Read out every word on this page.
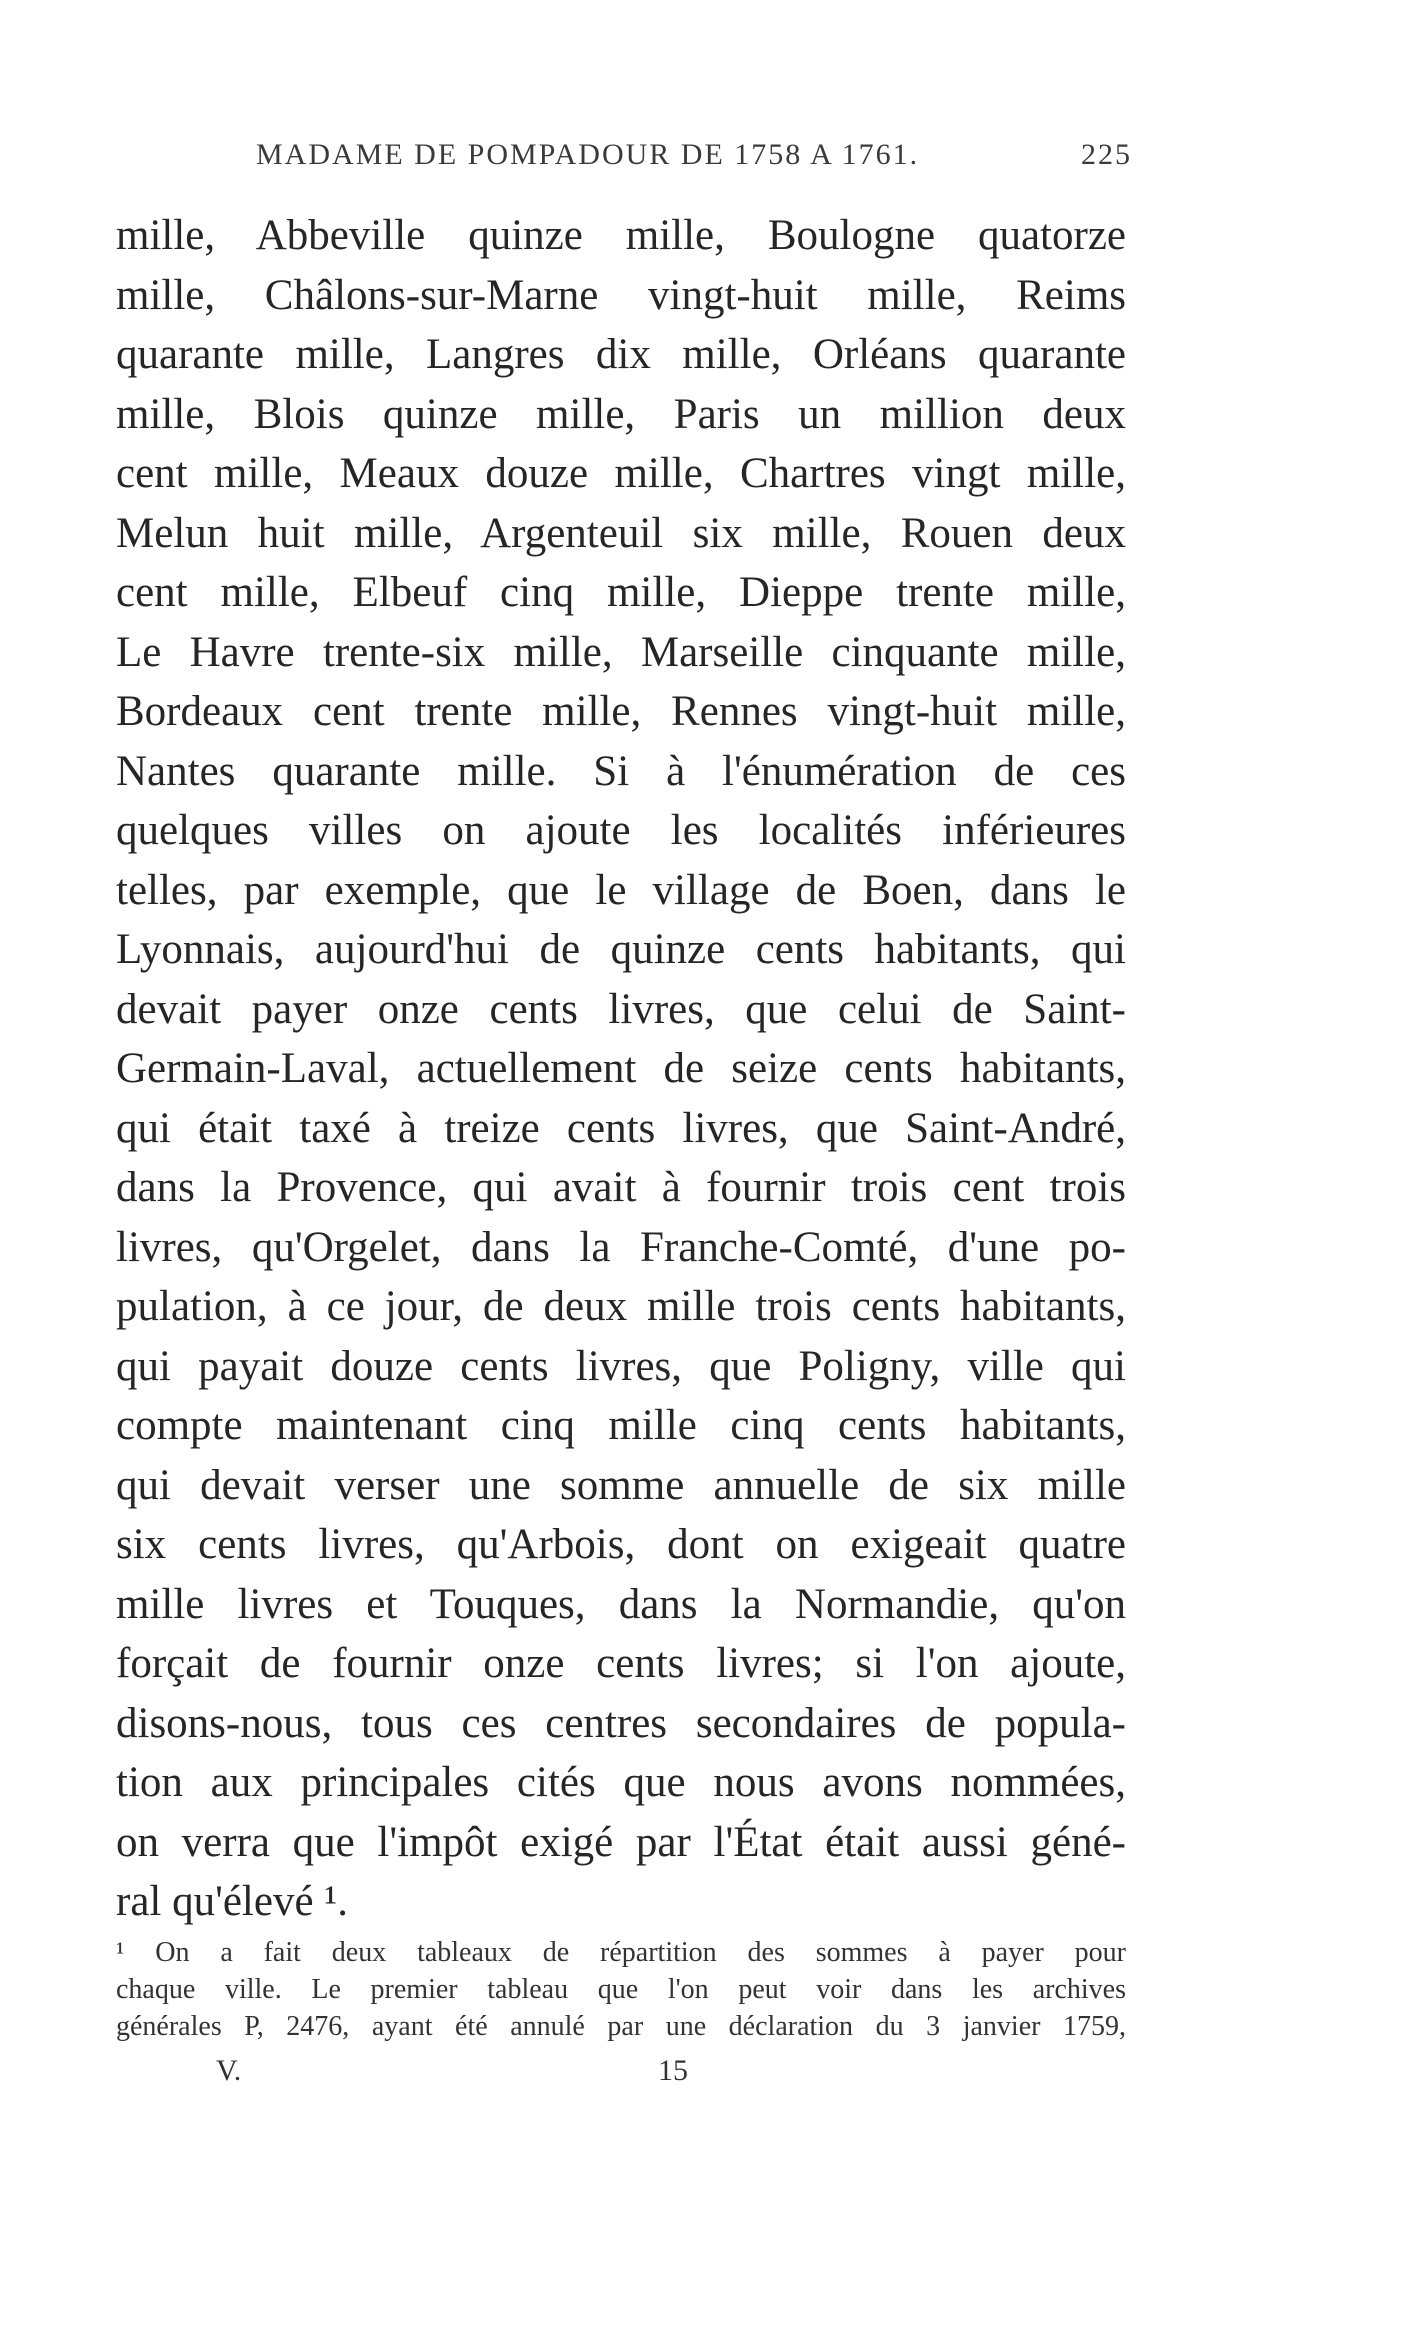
MADAME DE POMPADOUR DE 1758 A 1761.	225
mille, Abbeville quinze mille, Boulogne quatorze
mille, Châlons-sur-Marne vingt-huit mille, Reims
quarante mille, Langres dix mille, Orléans quarante
mille, Blois quinze mille, Paris un million deux
cent mille, Meaux douze mille, Chartres vingt mille,
Melun huit mille, Argenteuil six mille, Rouen deux
cent mille, Elbeuf cinq mille, Dieppe trente mille,
Le Havre trente-six mille, Marseille cinquante mille,
Bordeaux cent trente mille, Rennes vingt-huit mille,
Nantes quarante mille. Si à l'énumération de ces
quelques villes on ajoute les localités inférieures
telles, par exemple, que le village de Boen, dans le
Lyonnais, aujourd'hui de quinze cents habitants, qui
devait payer onze cents livres, que celui de Saint-
Germain-Laval, actuellement de seize cents habitants,
qui était taxé à treize cents livres, que Saint-André,
dans la Provence, qui avait à fournir trois cent trois
livres, qu'Orgelet, dans la Franche-Comté, d'une po-
pulation, à ce jour, de deux mille trois cents habitants,
qui payait douze cents livres, que Poligny, ville qui
compte maintenant cinq mille cinq cents habitants,
qui devait verser une somme annuelle de six mille
six cents livres, qu'Arbois, dont on exigeait quatre
mille livres et Touques, dans la Normandie, qu'on
forçait de fournir onze cents livres; si l'on ajoute,
disons-nous, tous ces centres secondaires de popula-
tion aux principales cités que nous avons nommées,
on verra que l'impôt exigé par l'État était aussi géné-
ral qu'élevé ¹.
¹ On a fait deux tableaux de répartition des sommes à payer pour
chaque ville. Le premier tableau que l'on peut voir dans les archives
générales P, 2476, ayant été annulé par une déclaration du 3 janvier 1759,
V.	15
